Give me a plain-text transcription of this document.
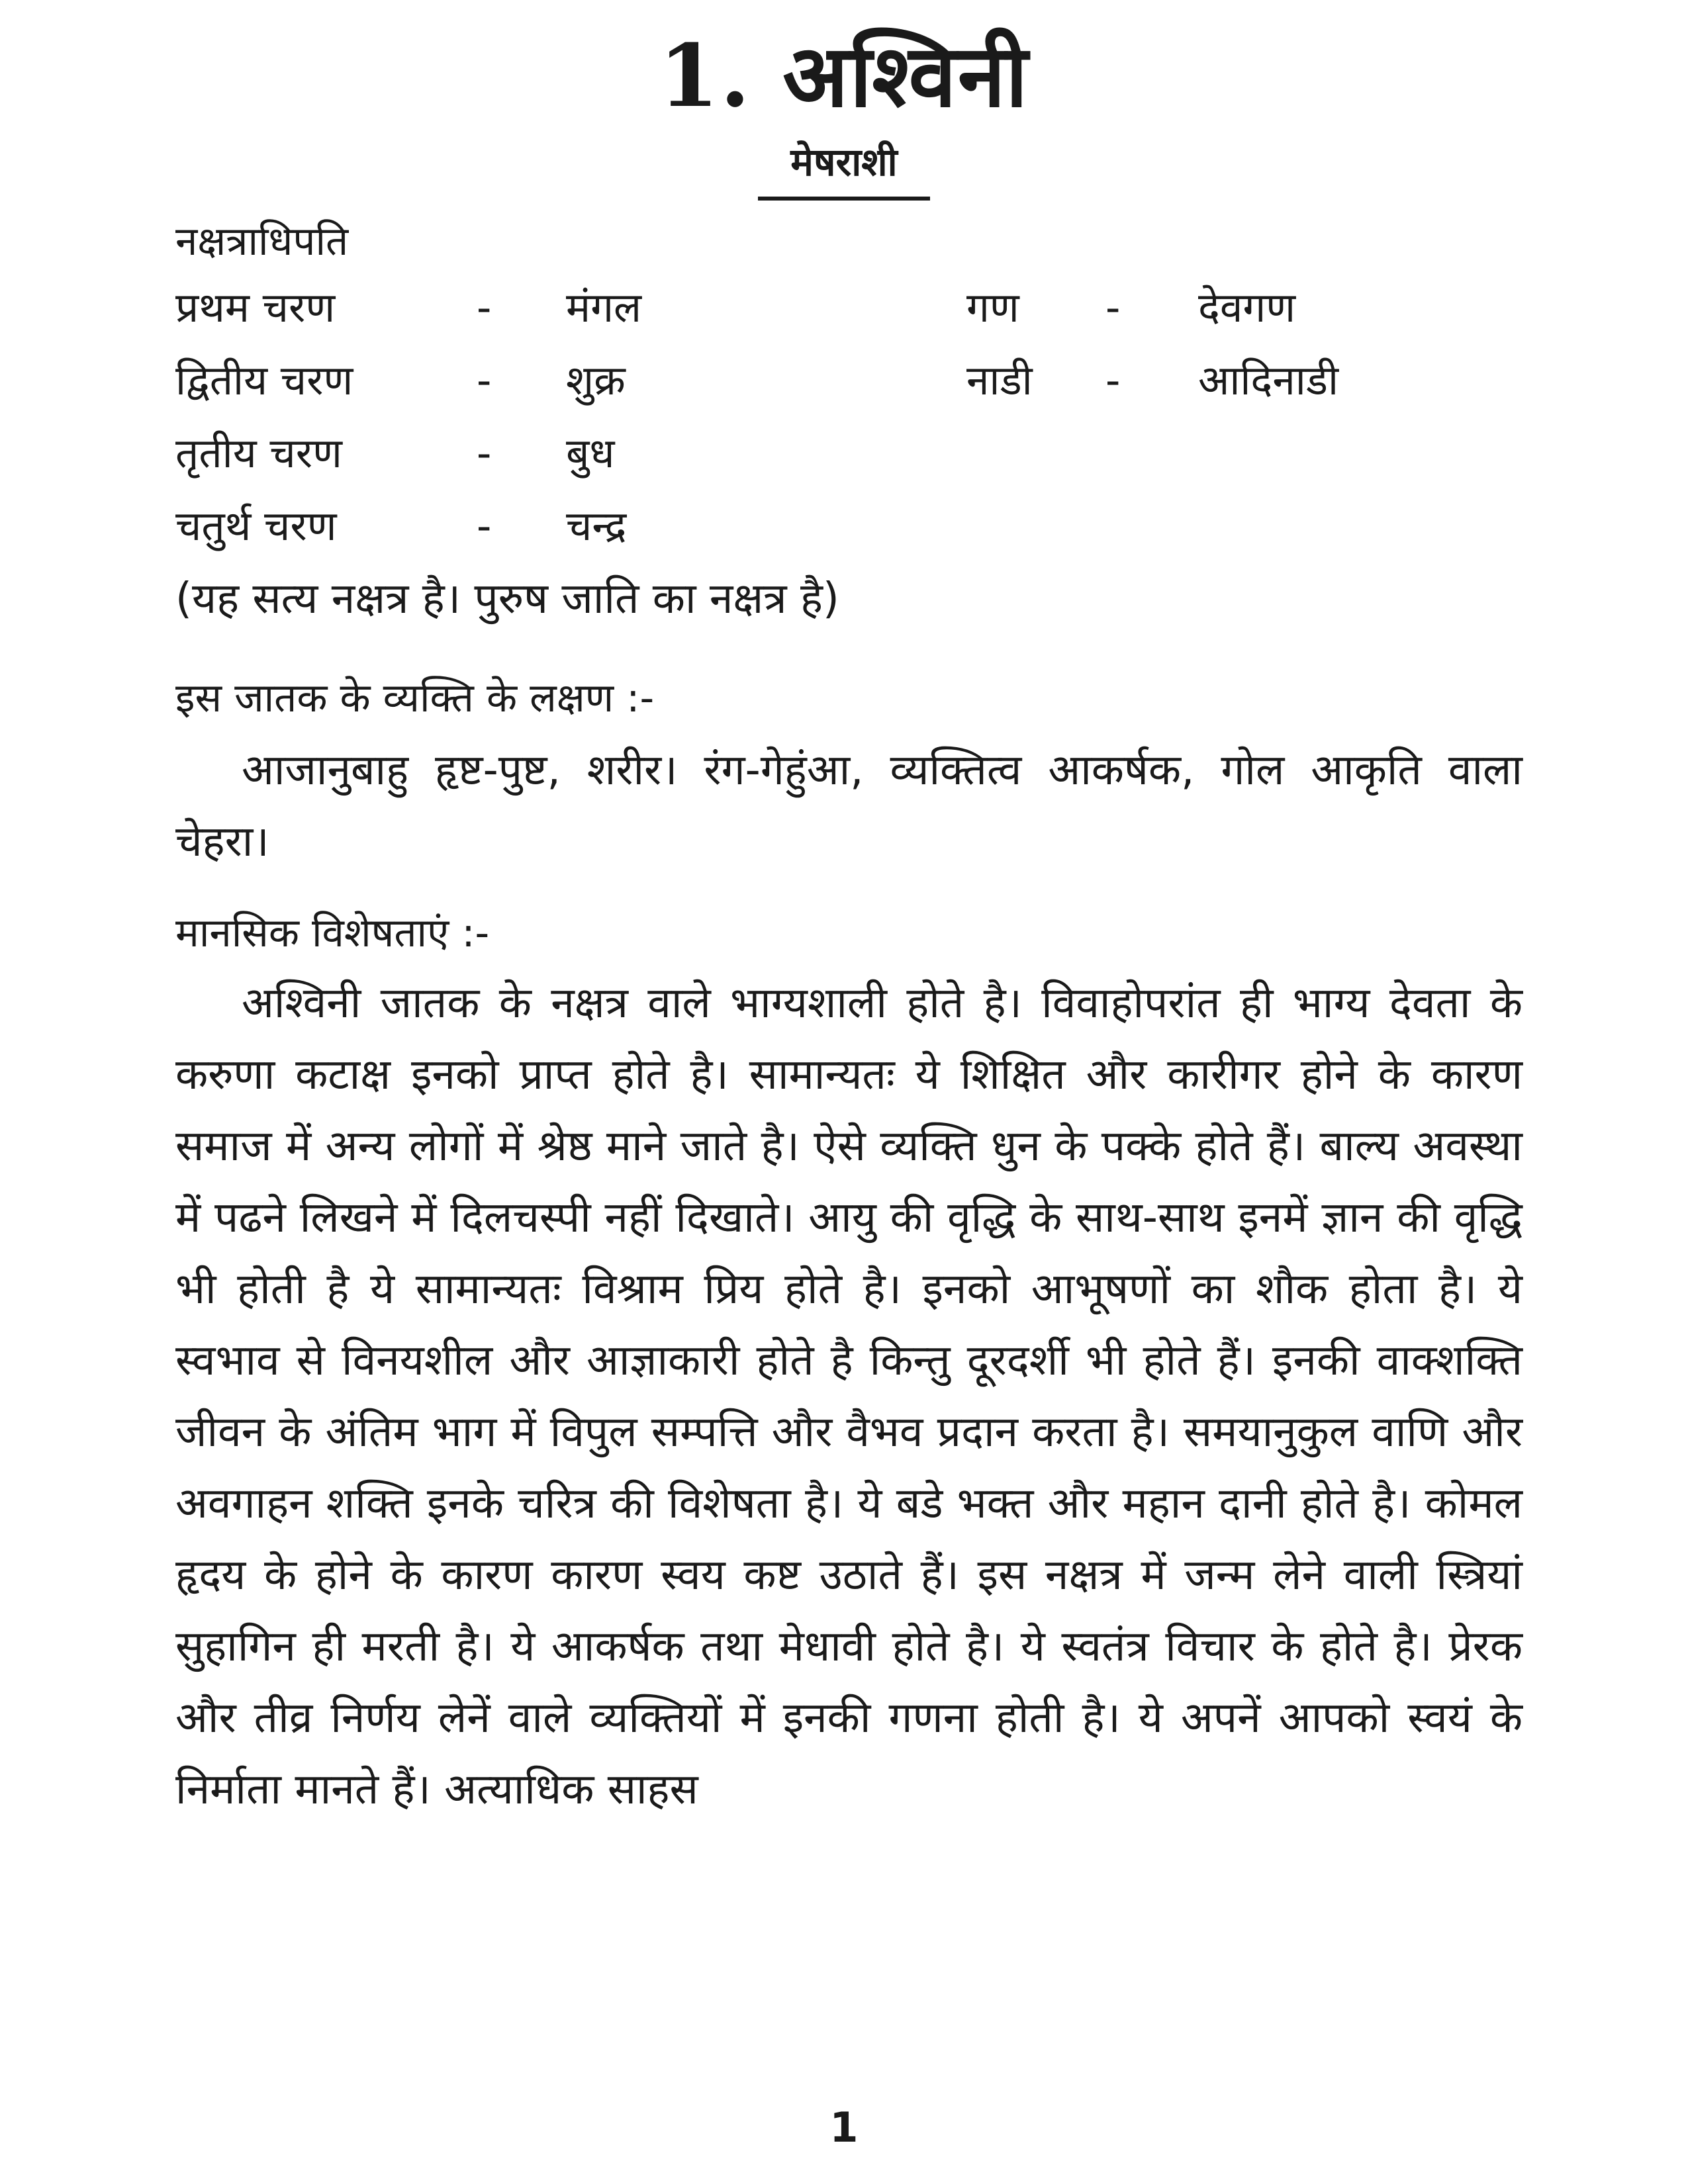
1. अश्विनी
मेषराशी
नक्षत्राधिपति
प्रथम चरण	- मंगल	गण - देवगण
द्वितीय चरण	- शुक्र	नाडी - आदिनाडी
तृतीय चरण	- बुध
चतुर्थ चरण	- चन्द्र
(यह सत्य नक्षत्र है। पुरुष जाति का नक्षत्र है)
इस जातक के व्यक्ति के लक्षण :-
आजानुबाहु हृष्ट-पुष्ट, शरीर। रंग-गेहुंआ, व्यक्तित्व आकर्षक, गोल आकृति वाला चेहरा।
मानसिक विशेषताएं :-
अश्विनी जातक के नक्षत्र वाले भाग्यशाली होते है। विवाहोपरांत ही भाग्य देवता के करुणा कटाक्ष इनको प्राप्त होते है। सामान्यतः ये शिक्षित और कारीगर होने के कारण समाज में अन्य लोगों में श्रेष्ठ माने जाते है। ऐसे व्यक्ति धुन के पक्के होते हैं। बाल्य अवस्था में पढने लिखने में दिलचस्पी नहीं दिखाते। आयु की वृद्धि के साथ-साथ इनमें ज्ञान की वृद्धि भी होती है ये सामान्यतः विश्राम प्रिय होते है। इनको आभूषणों का शौक होता है। ये स्वभाव से विनयशील और आज्ञाकारी होते है किन्तु दूरदर्शी भी होते हैं। इनकी वाक्शक्ति जीवन के अंतिम भाग में विपुल सम्पत्ति और वैभव प्रदान करता है। समयानुकुल वाणि और अवगाहन शक्ति इनके चरित्र की विशेषता है। ये बडे भक्त और महान दानी होते है। कोमल हृदय के होने के कारण कारण स्वय कष्ट उठाते हैं। इस नक्षत्र में जन्म लेने वाली स्त्रियां सुहागिन ही मरती है। ये आकर्षक तथा मेधावी होते है। ये स्वतंत्र विचार के होते है। प्रेरक और तीव्र निर्णय लेनें वाले व्यक्तियों में इनकी गणना होती है। ये अपनें आपको स्वयं के निर्माता मानते हैं। अत्याधिक साहस
1
